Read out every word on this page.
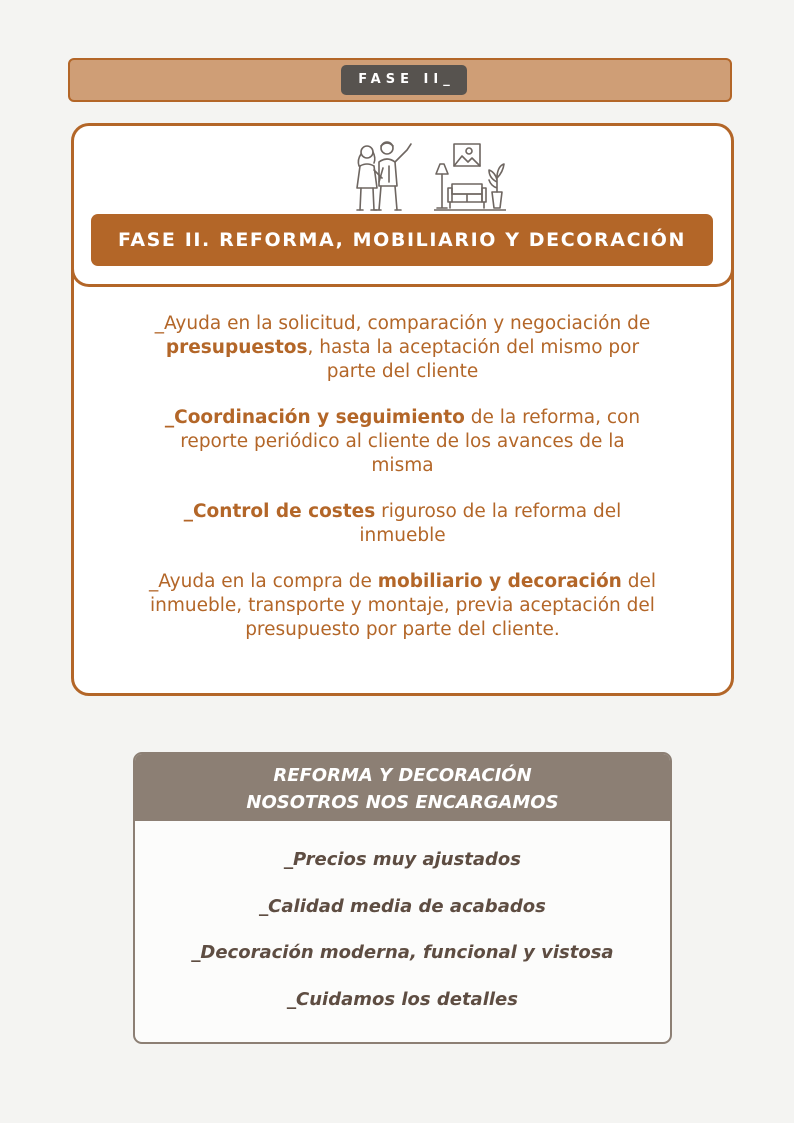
FASE II_
FASE II. REFORMA, MOBILIARIO Y DECORACIÓN

_Ayuda en la solicitud, comparación y negociación de
presupuestos, hasta la aceptación del mismo por
parte del cliente

_Coordinación y seguimiento de la reforma, con
reporte periódico al cliente de los avances de la
misma

_Control de costes riguroso de la reforma del
inmueble

_Ayuda en la compra de mobiliario y decoración del
inmueble, transporte y montaje, previa aceptación del
presupuesto por parte del cliente.

REFORMA Y DECORACIÓN
NOSOTROS NOS ENCARGAMOS
_Precios muy ajustados
_Calidad media de acabados
_Decoración moderna, funcional y vistosa
_Cuidamos los detalles
